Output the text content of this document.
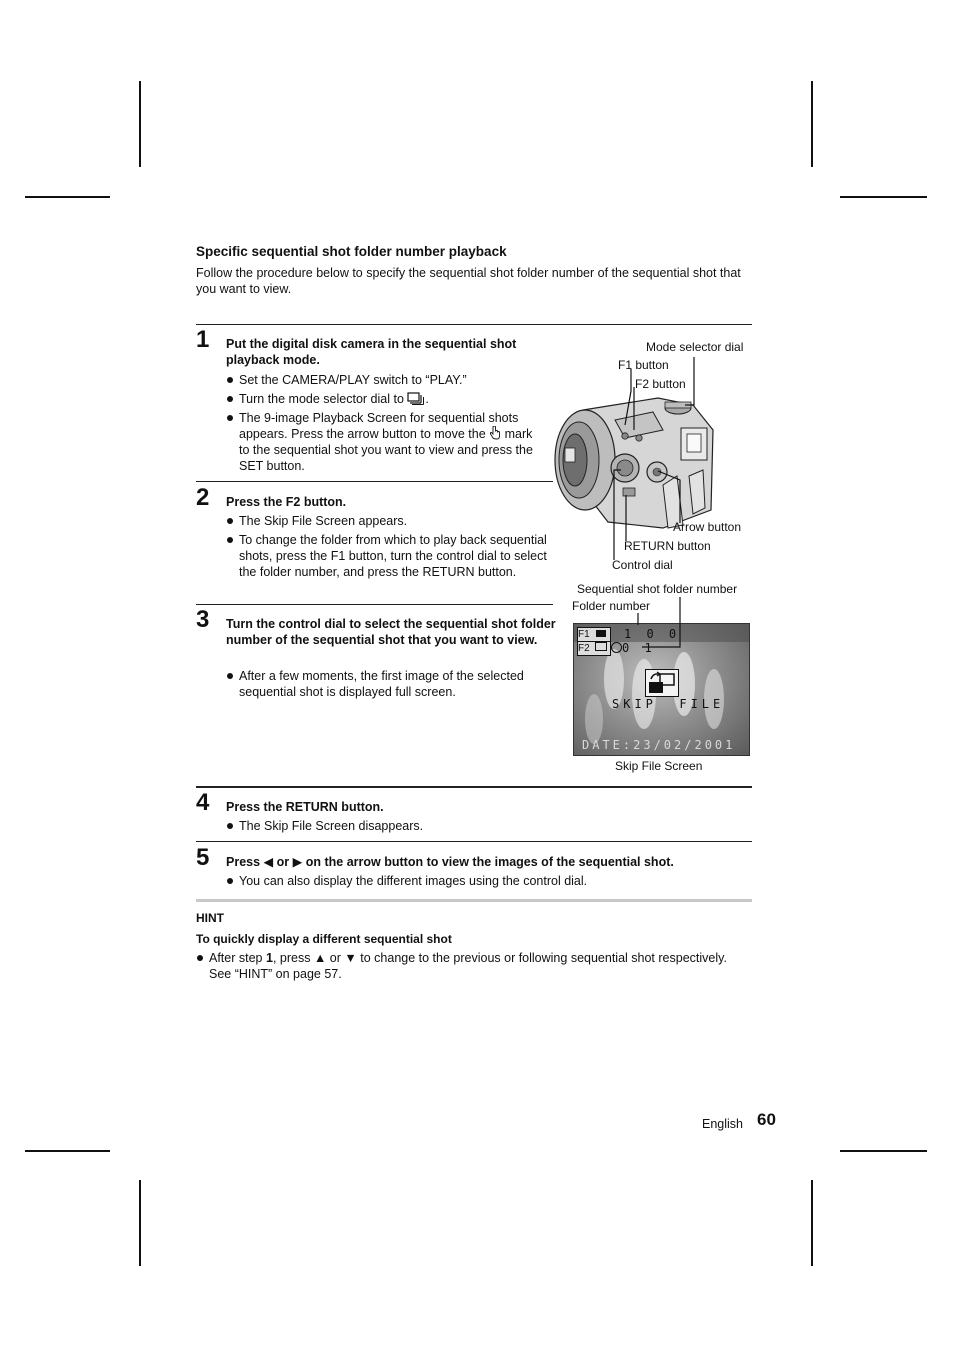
Specific sequential shot folder number playback
Follow the procedure below to specify the sequential shot folder number of the sequential shot that you want to view.
1 Put the digital disk camera in the sequential shot playback mode.
Set the CAMERA/PLAY switch to “PLAY.”
Turn the mode selector dial to .
The 9-image Playback Screen for sequential shots appears. Press the arrow button to move the mark to the sequential shot you want to view and press the SET button.
2 Press the F2 button.
The Skip File Screen appears.
To change the folder from which to play back sequential shots, press the F1 button, turn the control dial to select the folder number, and press the RETURN button.
3 Turn the control dial to select the sequential shot folder number of the sequential shot that you want to view.
After a few moments, the first image of the selected sequential shot is displayed full screen.
4 Press the RETURN button.
The Skip File Screen disappears.
5 Press ◀ or ▶ on the arrow button to view the images of the sequential shot.
You can also display the different images using the control dial.
Mode selector dial
F1 button
F2 button
Arrow button
RETURN button
Control dial
Sequential shot folder number
Folder number
F1
F2
1 0 0
0 1
SKIP  FILE
DATE:23/02/2001
Skip File Screen
HINT
To quickly display a different sequential shot
After step 1, press ▲ or ▼ to change to the previous or following sequential shot respectively. See “HINT” on page 57.
English 60
